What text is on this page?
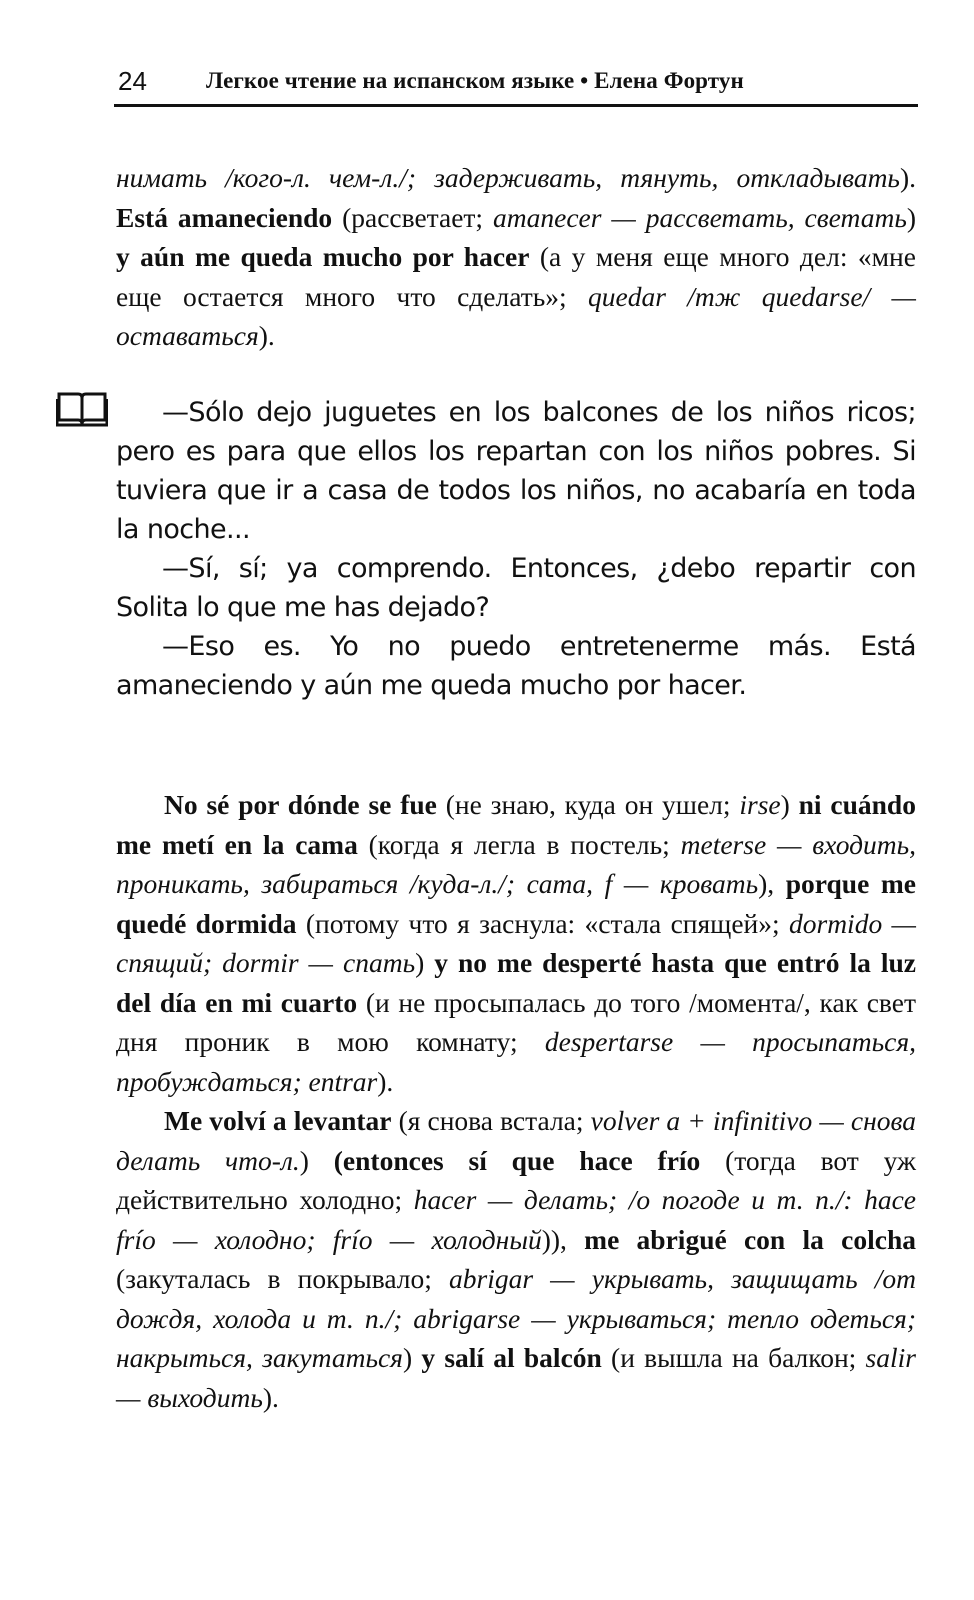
24	Легкое чтение на испанском языке • Елена Фортун

нимать /кого-л. чем-л./; задерживать, тянуть, откладывать). Está amaneciendo (рассветает; amanecer — рассветать, светать) y aún me queda mucho por hacer (а у меня еще много дел: «мне еще остается много что сделать»; quedar /тж quedarse/ — оставаться).

—Sólo dejo juguetes en los balcones de los niños ricos; pero es para que ellos los repartan con los niños pobres. Si tuviera que ir a casa de todos los niños, no acabaría en toda la noche...

—Sí, sí; ya comprendo. Entonces, ¿debo repartir con Solita lo que me has dejado?

—Eso es. Yo no puedo entretenerme más. Está amaneciendo y aún me queda mucho por hacer.

No sé por dónde se fue (не знаю, куда он ушел; irse) ni cuándo me metí en la cama (когда я легла в постель; meterse — входить, проникать, забираться /куда-л./; cama, f — кровать), porque me quedé dormida (потому что я заснула: «стала спящей»; dormido — спящий; dormir — спать) y no me desperté hasta que entró la luz del día en mi cuarto (и не просыпалась до того /момента/, как свет дня проник в мою комнату; despertarse — просыпаться, пробуждаться; entrar).

Me volví a levantar (я снова встала; volver a + infinitivo — снова делать что-л.) (entonces sí que hace frío (тогда вот уж действительно холодно; hacer — делать; /о погоде и т. п./: hace frío — холодно; frío — холодный)), me abrigué con la colcha (закуталась в покрывало; abrigar — укрывать, защищать /от дождя, холода и т. п./; abrigarse — укрываться; тепло одеться; накрыться, закутаться) y salí al balcón (и вышла на балкон; salir — выходить).
